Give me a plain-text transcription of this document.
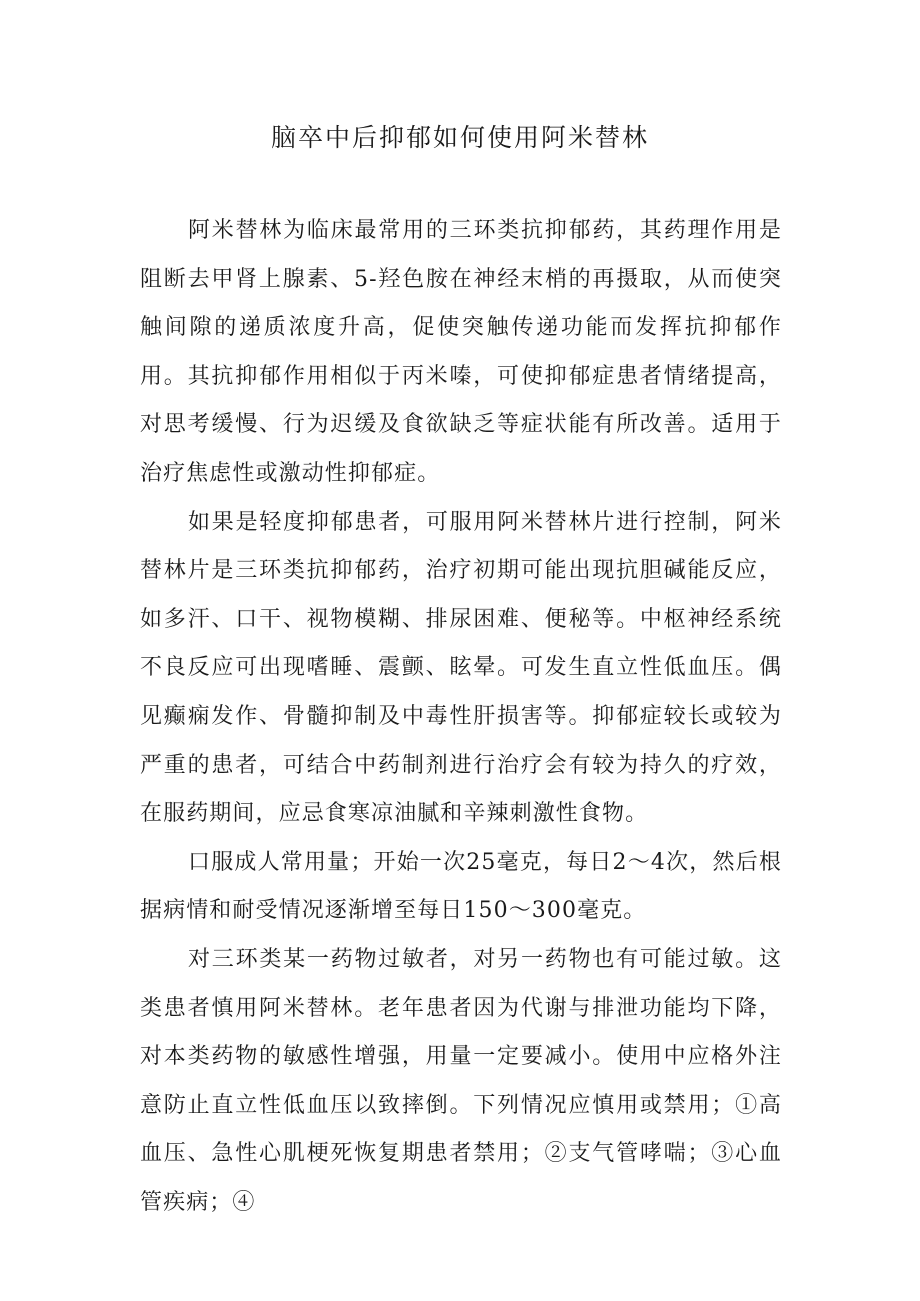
脑卒中后抑郁如何使用阿米替林

阿米替林为临床最常用的三环类抗抑郁药，其药理作用是阻断去甲肾上腺素、5-羟色胺在神经末梢的再摄取，从而使突触间隙的递质浓度升高，促使突触传递功能而发挥抗抑郁作用。其抗抑郁作用相似于丙米嗪，可使抑郁症患者情绪提高，对思考缓慢、行为迟缓及食欲缺乏等症状能有所改善。适用于治疗焦虑性或激动性抑郁症。

如果是轻度抑郁患者，可服用阿米替林片进行控制，阿米替林片是三环类抗抑郁药，治疗初期可能出现抗胆碱能反应，如多汗、口干、视物模糊、排尿困难、便秘等。中枢神经系统不良反应可出现嗜睡、震颤、眩晕。可发生直立性低血压。偶见癫痫发作、骨髓抑制及中毒性肝损害等。抑郁症较长或较为严重的患者，可结合中药制剂进行治疗会有较为持久的疗效，在服药期间，应忌食寒凉油腻和辛辣刺激性食物。

口服成人常用量；开始一次25毫克，每日2～4次，然后根据病情和耐受情况逐渐增至每日150～300毫克。

对三环类某一药物过敏者，对另一药物也有可能过敏。这类患者慎用阿米替林。老年患者因为代谢与排泄功能均下降，对本类药物的敏感性增强，用量一定要减小。使用中应格外注意防止直立性低血压以致摔倒。下列情况应慎用或禁用；①高血压、急性心肌梗死恢复期患者禁用；②支气管哮喘；③心血管疾病；④
